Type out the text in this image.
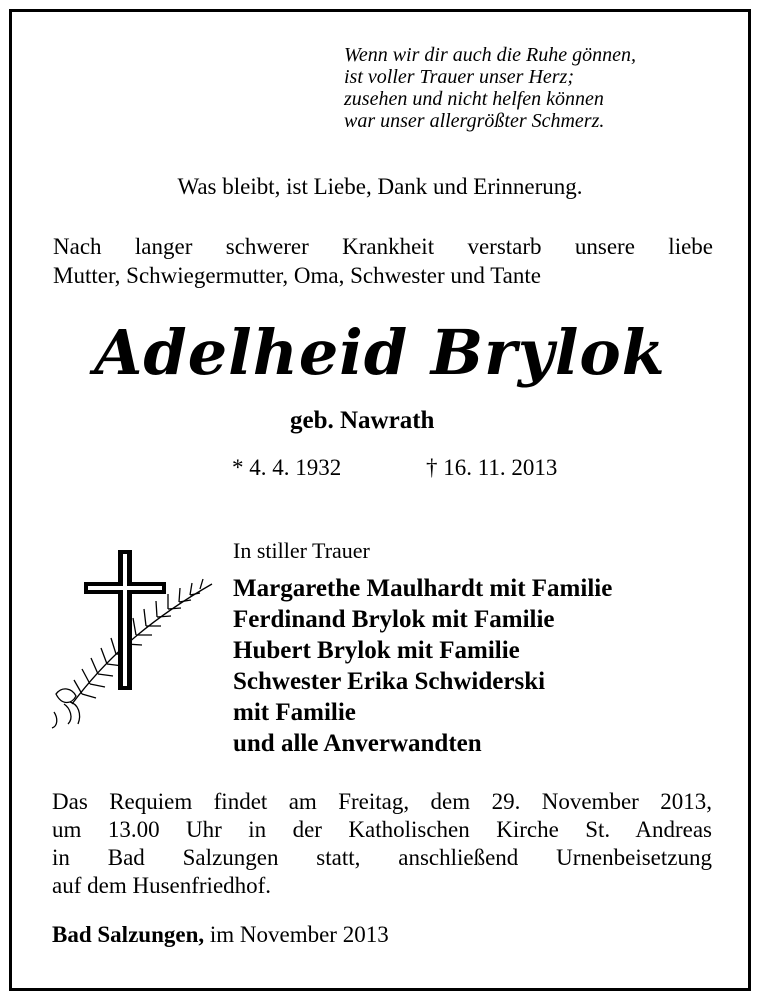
Wenn wir dir auch die Ruhe gönnen,
ist voller Trauer unser Herz;
zusehen und nicht helfen können
war unser allergrößter Schmerz.
Was bleibt, ist Liebe, Dank und Erinnerung.
Nach langer schwerer Krankheit verstarb unsere liebe
Mutter, Schwiegermutter, Oma, Schwester und Tante
Adelheid Brylok
geb. Nawrath
* 4. 4. 1932	† 16. 11. 2013
In stiller Trauer
Margarethe Maulhardt mit Familie
Ferdinand Brylok mit Familie
Hubert Brylok mit Familie
Schwester Erika Schwiderski
mit Familie
und alle Anverwandten
Das Requiem findet am Freitag, dem 29. November 2013,
um 13.00 Uhr in der Katholischen Kirche St. Andreas
in Bad Salzungen statt, anschließend Urnenbeisetzung
auf dem Husenfriedhof.
Bad Salzungen, im November 2013
